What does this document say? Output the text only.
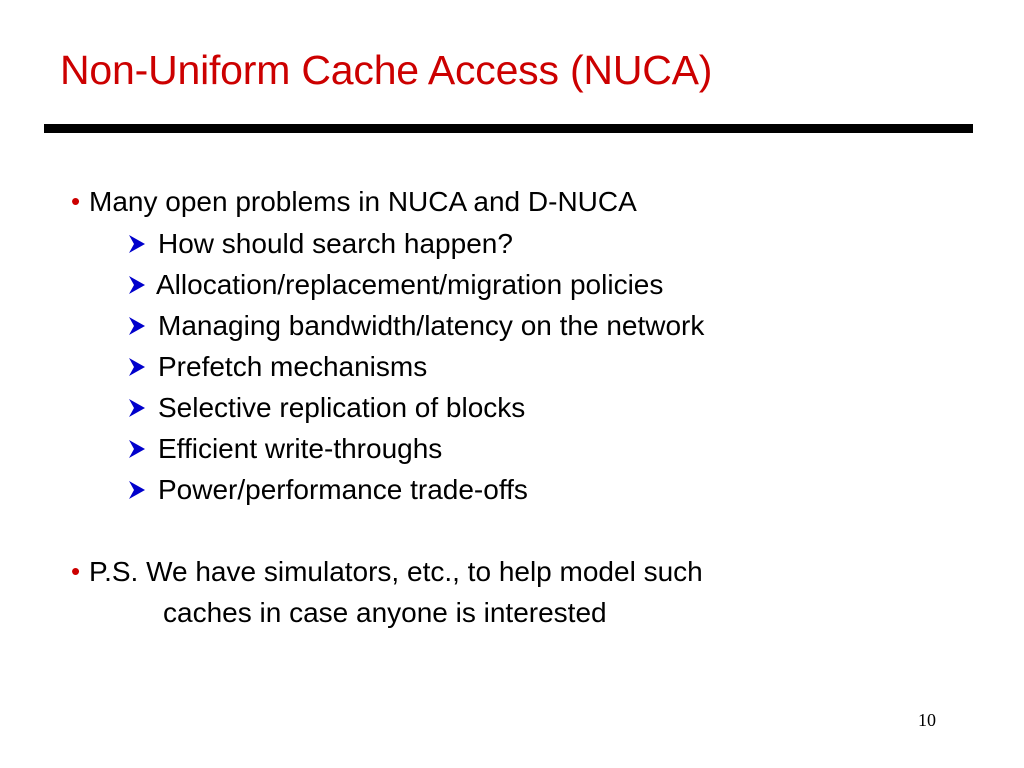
Non-Uniform Cache Access (NUCA)
• Many open problems in NUCA and D-NUCA
How should search happen?
Allocation/replacement/migration policies
Managing bandwidth/latency on the network
Prefetch mechanisms
Selective replication of blocks
Efficient write-throughs
Power/performance trade-offs
• P.S. We have simulators, etc., to help model such
caches in case anyone is interested
10
